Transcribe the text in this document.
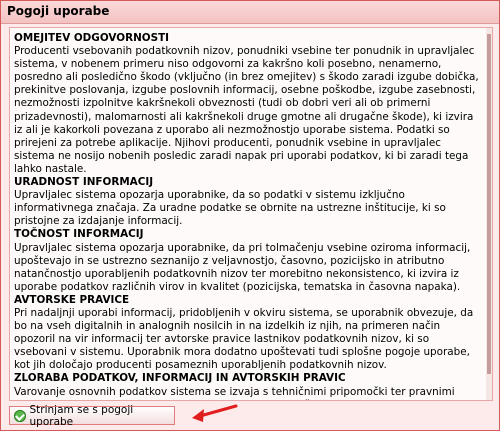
Pogoji uporabe

OMEJITEV ODGOVORNOSTI

Producenti vsebovanih podatkovnih nizov, ponudniki vsebine ter ponudnik in upravljalec sistema, v nobenem primeru niso odgovorni za kakršno koli posebno, nenamerno, posredno ali posledično škodo (vključno (in brez omejitev) s škodo zaradi izgube dobička, prekinitve poslovanja, izgube poslovnih informacij, osebne poškodbe, izgube zasebnosti, nezmožnosti izpolnitve kakršnekoli obveznosti (tudi ob dobri veri ali ob primerni prizadevnosti), malomarnosti ali kakršnekoli druge gmotne ali drugačne škode), ki izvira iz ali je kakorkoli povezana z uporabo ali nezmožnostjo uporabe sistema. Podatki so prirejeni za potrebe aplikacije. Njihovi producenti, ponudnik vsebine in upravljalec sistema ne nosijo nobenih posledic zaradi napak pri uporabi podatkov, ki bi zaradi tega lahko nastale.

URADNOST INFORMACIJ

Upravljalec sistema opozarja uporabnike, da so podatki v sistemu izključno informativnega značaja. Za uradne podatke se obrnite na ustrezne inštitucije, ki so pristojne za izdajanje informacij.

TOČNOST INFORMACIJ

Upravljalec sistema opozarja uporabnike, da pri tolmačenju vsebine oziroma informacij, upoštevajo in se ustrezno seznanijo z veljavnostjo, časovno, pozicijsko in atributno natančnostjo uporabljenih podatkovnih nizov ter morebitno nekonsistenco, ki izvira iz uporabe podatkov različnih virov in kvalitet (pozicijska, tematska in časovna napaka).

AVTORSKE PRAVICE

Pri nadaljnji uporabi informacij, pridobljenih v okviru sistema, se uporabnik obvezuje, da bo na vseh digitalnih in analognih nosilcih in na izdelkih iz njih, na primeren način opozoril na vir informacij ter avtorske pravice lastnikov podatkovnih nizov, ki so vsebovani v sistemu. Uporabnik mora dodatno upoštevati tudi splošne pogoje uporabe, kot jih določajo producenti posameznih uporabljenih podatkovnih nizov.

ZLORABA PODATKOV, INFORMACIJ IN AVTORSKIH PRAVIC

Varovanje osnovnih podatkov sistema se izvaja s tehničnimi pripomočki ter pravnimi

Strinjam se s pogoji uporabe
